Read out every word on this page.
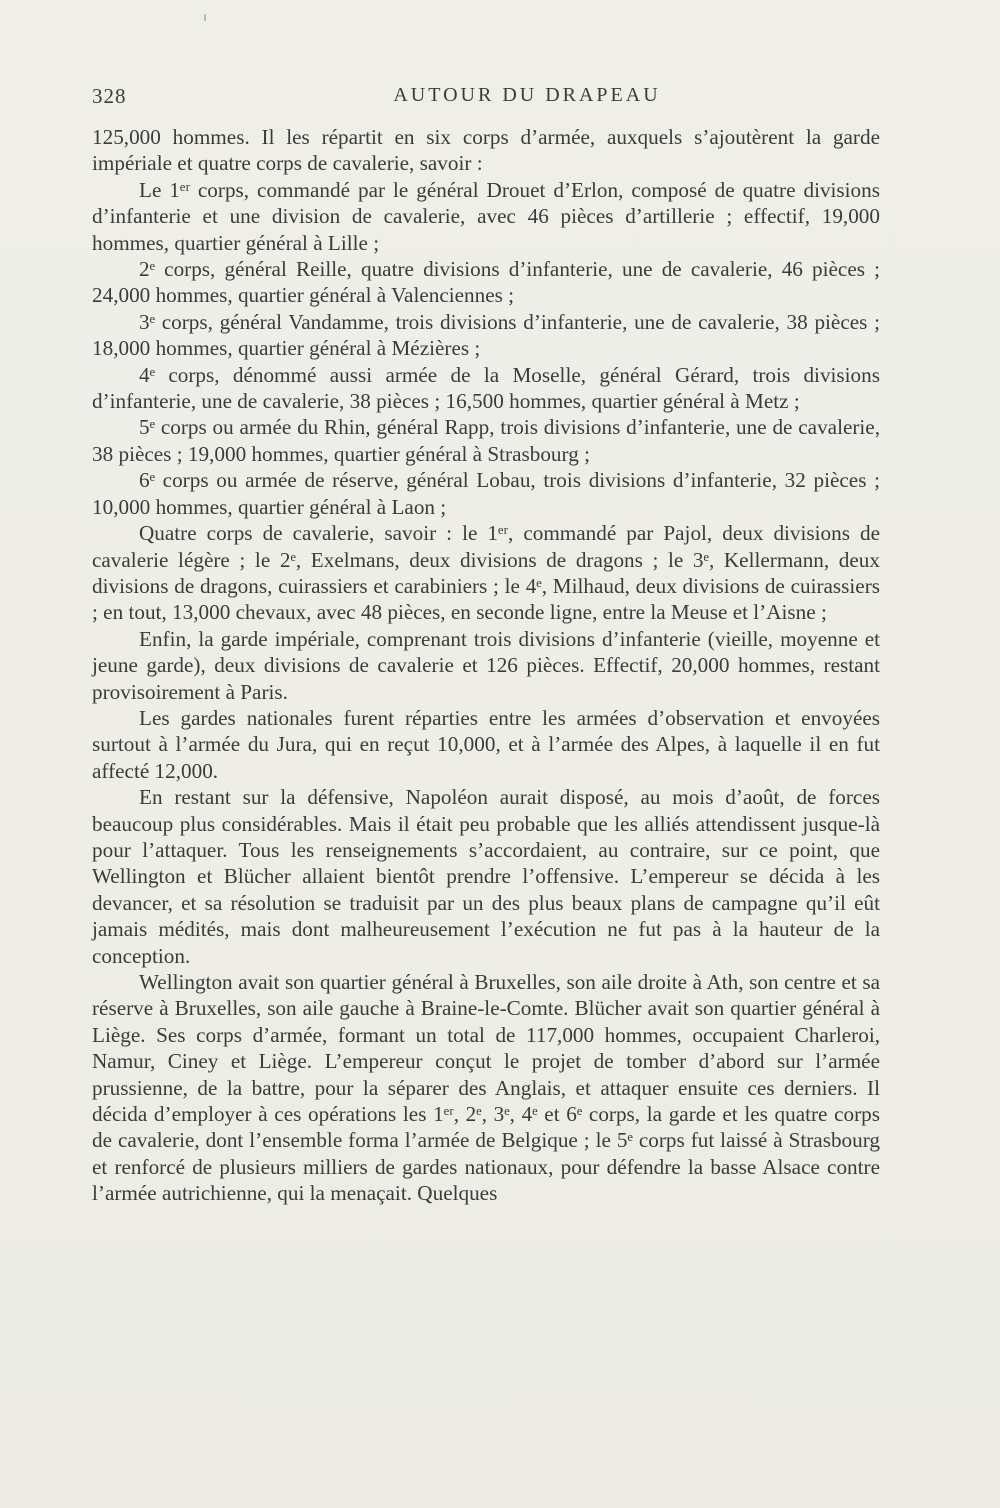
328	AUTOUR DU DRAPEAU

125,000 hommes. Il les répartit en six corps d’armée, auxquels s’ajoutèrent la garde impériale et quatre corps de cavalerie, savoir :

Le 1ᵉʳ corps, commandé par le général Drouet d’Erlon, composé de quatre divisions d’infanterie et une division de cavalerie, avec 46 pièces d’artillerie ; effectif, 19,000 hommes, quartier général à Lille ;

2ᵉ corps, général Reille, quatre divisions d’infanterie, une de cavalerie, 46 pièces ; 24,000 hommes, quartier général à Valenciennes ;

3ᵉ corps, général Vandamme, trois divisions d’infanterie, une de cavalerie, 38 pièces ; 18,000 hommes, quartier général à Mézières ;

4ᵉ corps, dénommé aussi armée de la Moselle, général Gérard, trois divisions d’infanterie, une de cavalerie, 38 pièces ; 16,500 hommes, quartier général à Metz ;

5ᵉ corps ou armée du Rhin, général Rapp, trois divisions d’infanterie, une de cavalerie, 38 pièces ; 19,000 hommes, quartier général à Strasbourg ;

6ᵉ corps ou armée de réserve, général Lobau, trois divisions d’infanterie, 32 pièces ; 10,000 hommes, quartier général à Laon ;

Quatre corps de cavalerie, savoir : le 1ᵉʳ, commandé par Pajol, deux divisions de cavalerie légère ; le 2ᵉ, Exelmans, deux divisions de dragons ; le 3ᵉ, Kellermann, deux divisions de dragons, cuirassiers et carabiniers ; le 4ᵉ, Milhaud, deux divisions de cuirassiers ; en tout, 13,000 chevaux, avec 48 pièces, en seconde ligne, entre la Meuse et l’Aisne ;

Enfin, la garde impériale, comprenant trois divisions d’infanterie (vieille, moyenne et jeune garde), deux divisions de cavalerie et 126 pièces. Effectif, 20,000 hommes, restant provisoirement à Paris.

Les gardes nationales furent réparties entre les armées d’observation et envoyées surtout à l’armée du Jura, qui en reçut 10,000, et à l’armée des Alpes, à laquelle il en fut affecté 12,000.

En restant sur la défensive, Napoléon aurait disposé, au mois d’août, de forces beaucoup plus considérables. Mais il était peu probable que les alliés attendissent jusque-là pour l’attaquer. Tous les renseignements s’accordaient, au contraire, sur ce point, que Wellington et Blücher allaient bientôt prendre l’offensive. L’empereur se décida à les devancer, et sa résolution se traduisit par un des plus beaux plans de campagne qu’il eût jamais médités, mais dont malheureusement l’exécution ne fut pas à la hauteur de la conception.

Wellington avait son quartier général à Bruxelles, son aile droite à Ath, son centre et sa réserve à Bruxelles, son aile gauche à Braine-le-Comte. Blücher avait son quartier général à Liège. Ses corps d’armée, formant un total de 117,000 hommes, occupaient Charleroi, Namur, Ciney et Liège. L’empereur conçut le projet de tomber d’abord sur l’armée prussienne, de la battre, pour la séparer des Anglais, et attaquer ensuite ces derniers. Il décida d’employer à ces opérations les 1ᵉʳ, 2ᵉ, 3ᵉ, 4ᵉ et 6ᵉ corps, la garde et les quatre corps de cavalerie, dont l’ensemble forma l’armée de Belgique ; le 5ᵉ corps fut laissé à Strasbourg et renforcé de plusieurs milliers de gardes nationaux, pour défendre la basse Alsace contre l’armée autrichienne, qui la menaçait. Quelques
